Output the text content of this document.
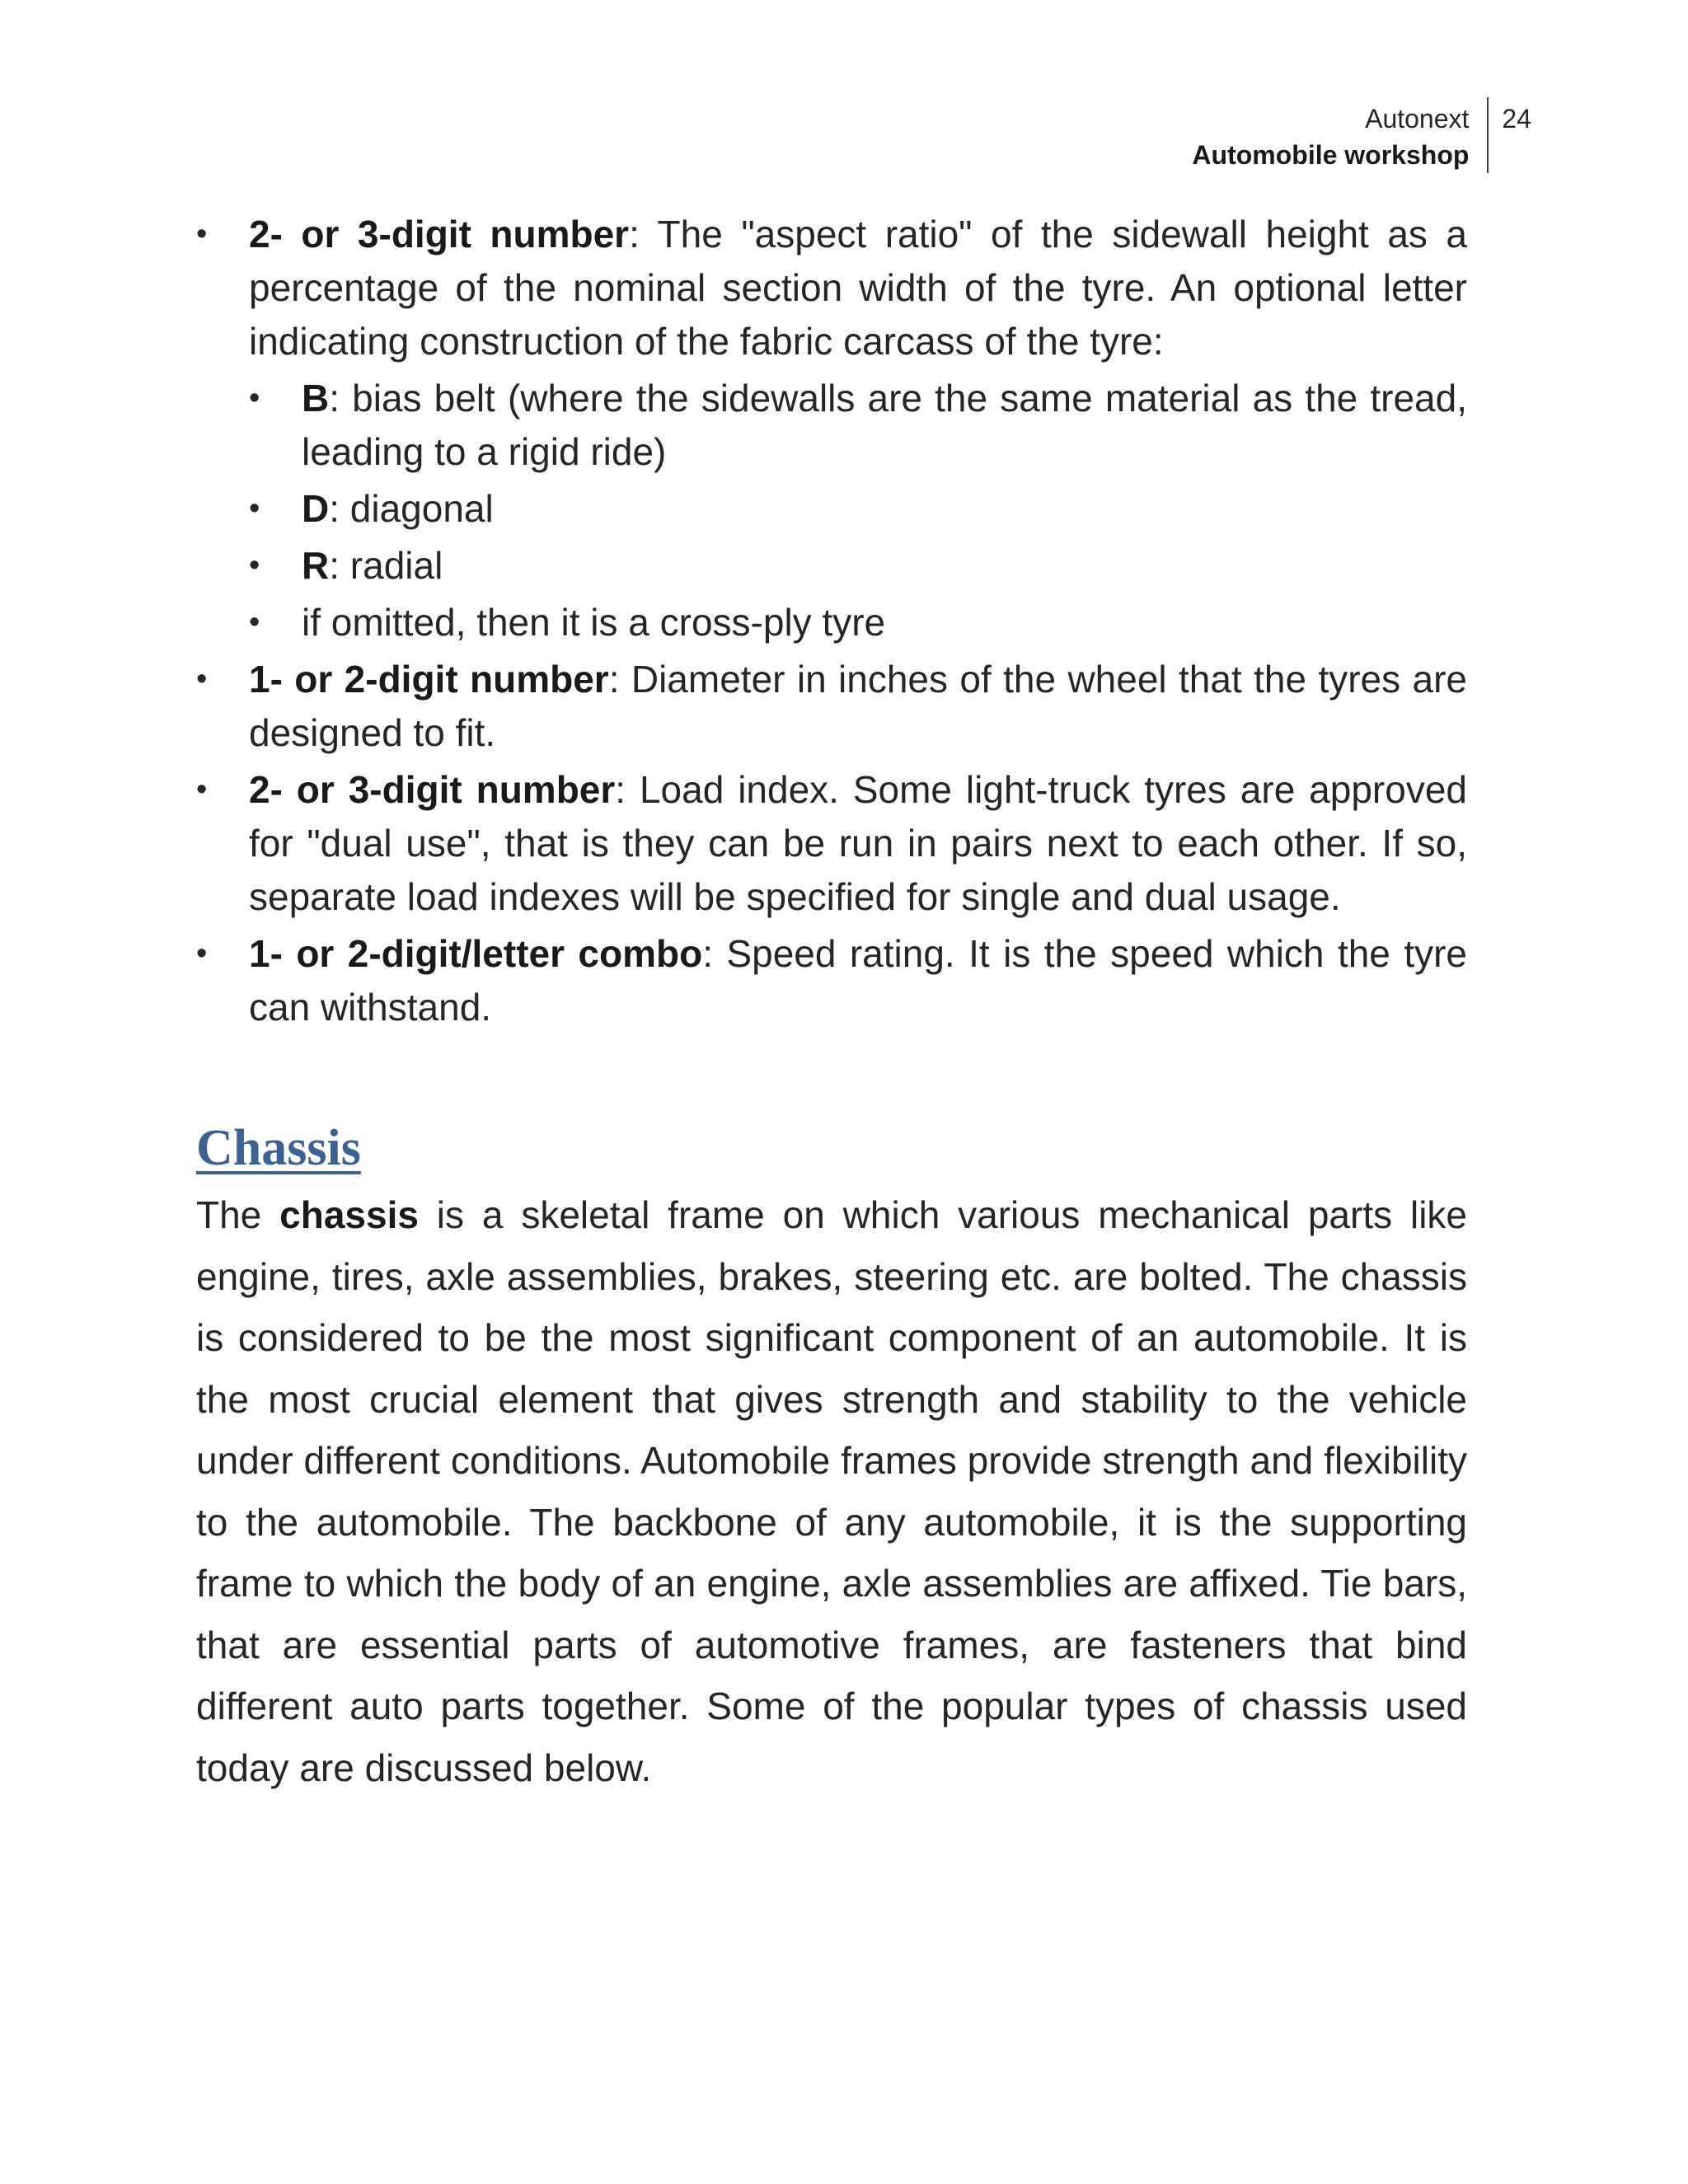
Autonext
Automobile workshop
24
• 2- or 3-digit number: The "aspect ratio" of the sidewall height as a percentage of the nominal section width of the tyre. An optional letter indicating construction of the fabric carcass of the tyre:
• B: bias belt (where the sidewalls are the same material as the tread, leading to a rigid ride)
• D: diagonal
• R: radial
• if omitted, then it is a cross-ply tyre
• 1- or 2-digit number: Diameter in inches of the wheel that the tyres are designed to fit.
• 2- or 3-digit number: Load index. Some light-truck tyres are approved for "dual use", that is they can be run in pairs next to each other. If so, separate load indexes will be specified for single and dual usage.
• 1- or 2-digit/letter combo: Speed rating. It is the speed which the tyre can withstand.
Chassis

The chassis is a skeletal frame on which various mechanical parts like engine, tires, axle assemblies, brakes, steering etc. are bolted. The chassis is considered to be the most significant component of an automobile. It is the most crucial element that gives strength and stability to the vehicle under different conditions. Automobile frames provide strength and flexibility to the automobile. The backbone of any automobile, it is the supporting frame to which the body of an engine, axle assemblies are affixed. Tie bars, that are essential parts of automotive frames, are fasteners that bind different auto parts together. Some of the popular types of chassis used today are discussed below.
